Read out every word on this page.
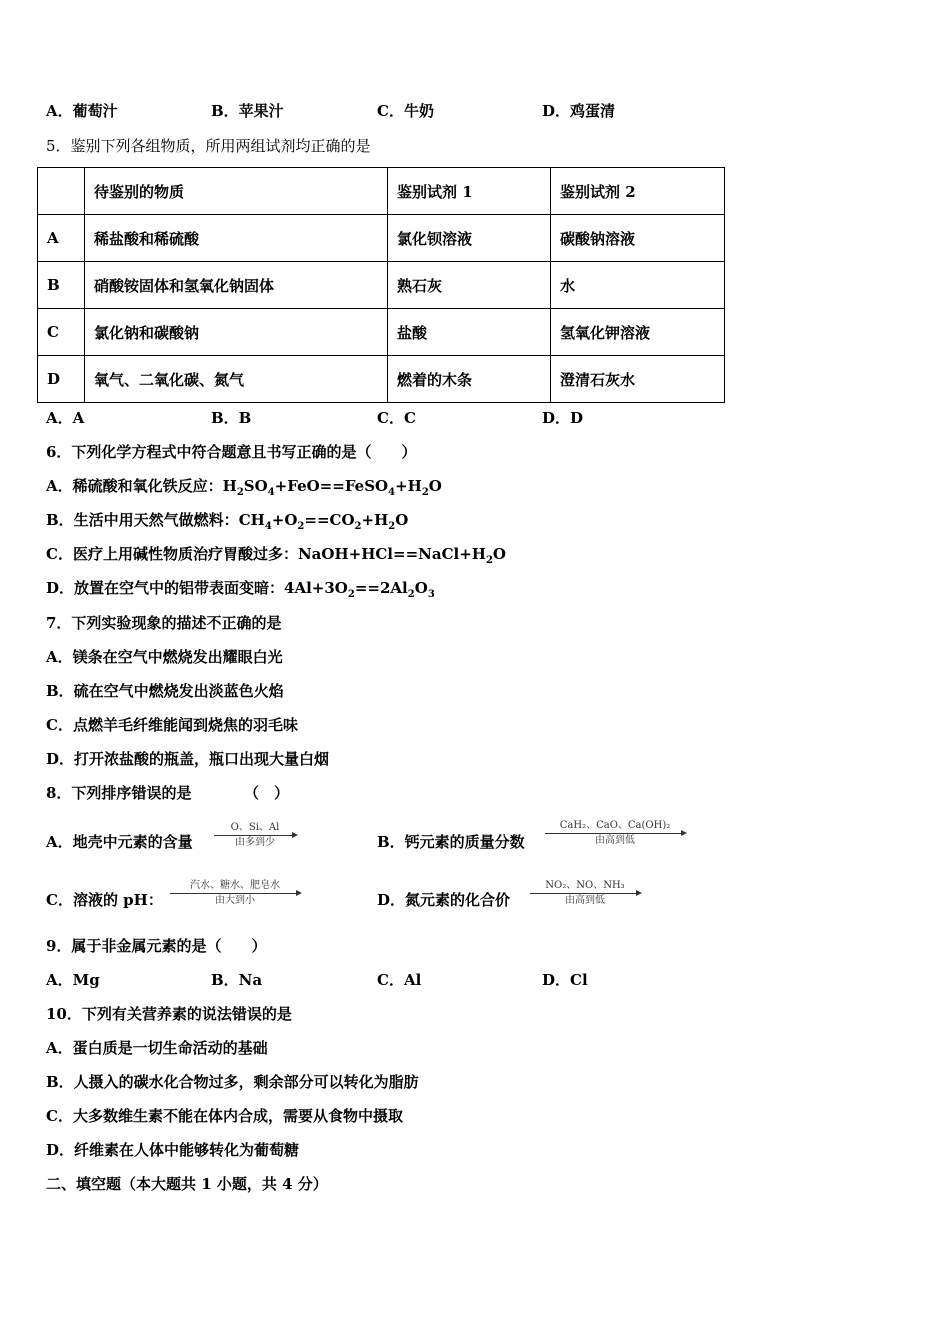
A．葡萄汁	B．苹果汁	C．牛奶	D．鸡蛋清
5．鉴别下列各组物质，所用两组试剂均正确的是
	待鉴别的物质	鉴别试剂 1	鉴别试剂 2
A	稀盐酸和稀硫酸	氯化钡溶液	碳酸钠溶液
B	硝酸铵固体和氢氧化钠固体	熟石灰	水
C	氯化钠和碳酸钠	盐酸	氢氧化钾溶液
D	氧气、二氧化碳、氮气	燃着的木条	澄清石灰水
A．A	B．B	C．C	D．D
6．下列化学方程式中符合题意且书写正确的是（　　）
A．稀硫酸和氧化铁反应：$H_2SO_4+FeO==FeSO_4+H_2O$
B．生活中用天然气做燃料：$CH_4+O_2==CO_2+H_2O$
C．医疗上用碱性物质治疗胃酸过多：$NaOH+HCl==NaCl+H_2O$
D．放置在空气中的铝带表面变暗：$4Al+3O_2==2Al_2O_3$
7．下列实验现象的描述不正确的是
A．镁条在空气中燃烧发出耀眼白光
B．硫在空气中燃烧发出淡蓝色火焰
C．点燃羊毛纤维能闻到烧焦的羽毛味
D．打开浓盐酸的瓶盖，瓶口出现大量白烟
8．下列排序错误的是　　　　（　）
A．地壳中元素的含量
O、Si、Al
由多到少	B．钙元素的质量分数
CaH₂、CaO、Ca(OH)₂
由高到低
C．溶液的 pH：
汽水、糖水、肥皂水
由大到小	D．氮元素的化合价
NO₂、NO、NH₃
由高到低
9．属于非金属元素的是（　　）
A．Mg	B．Na	C．Al	D．Cl
10．下列有关营养素的说法错误的是
A．蛋白质是一切生命活动的基础
B．人摄入的碳水化合物过多，剩余部分可以转化为脂肪
C．大多数维生素不能在体内合成，需要从食物中摄取
D．纤维素在人体中能够转化为葡萄糖
二、填空题（本大题共 1 小题，共 4 分）
